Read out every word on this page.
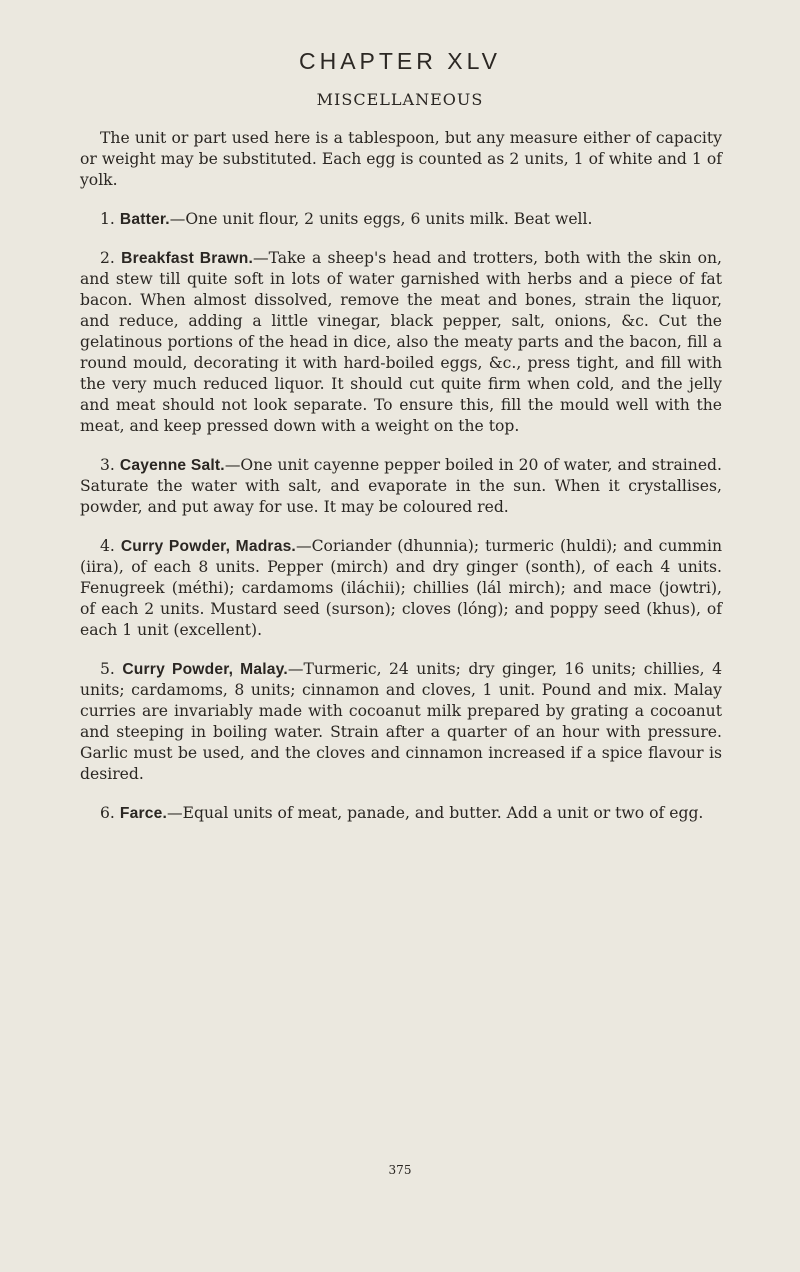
CHAPTER XLV
MISCELLANEOUS

The unit or part used here is a tablespoon, but any measure either of capacity or weight may be substituted. Each egg is counted as 2 units, 1 of white and 1 of yolk.

1. Batter.—One unit flour, 2 units eggs, 6 units milk. Beat well.

2. Breakfast Brawn.—Take a sheep's head and trotters, both with the skin on, and stew till quite soft in lots of water garnished with herbs and a piece of fat bacon. When almost dissolved, remove the meat and bones, strain the liquor, and reduce, adding a little vinegar, black pepper, salt, onions, &c. Cut the gelatinous portions of the head in dice, also the meaty parts and the bacon, fill a round mould, decorating it with hard-boiled eggs, &c., press tight, and fill with the very much reduced liquor. It should cut quite firm when cold, and the jelly and meat should not look separate. To ensure this, fill the mould well with the meat, and keep pressed down with a weight on the top.

3. Cayenne Salt.—One unit cayenne pepper boiled in 20 of water, and strained. Saturate the water with salt, and evaporate in the sun. When it crystallises, powder, and put away for use. It may be coloured red.

4. Curry Powder, Madras.—Coriander (dhunnia); turmeric (huldi); and cummin (iira), of each 8 units. Pepper (mirch) and dry ginger (sonth), of each 4 units. Fenugreek (méthi); cardamoms (iláchii); chillies (lál mirch); and mace (jowtri), of each 2 units. Mustard seed (surson); cloves (lóng); and poppy seed (khus), of each 1 unit (excellent).

5. Curry Powder, Malay.—Turmeric, 24 units; dry ginger, 16 units; chillies, 4 units; cardamoms, 8 units; cinnamon and cloves, 1 unit. Pound and mix. Malay curries are invariably made with cocoanut milk prepared by grating a cocoanut and steeping in boiling water. Strain after a quarter of an hour with pressure. Garlic must be used, and the cloves and cinnamon increased if a spice flavour is desired.

6. Farce.—Equal units of meat, panade, and butter. Add a unit or two of egg.

375
